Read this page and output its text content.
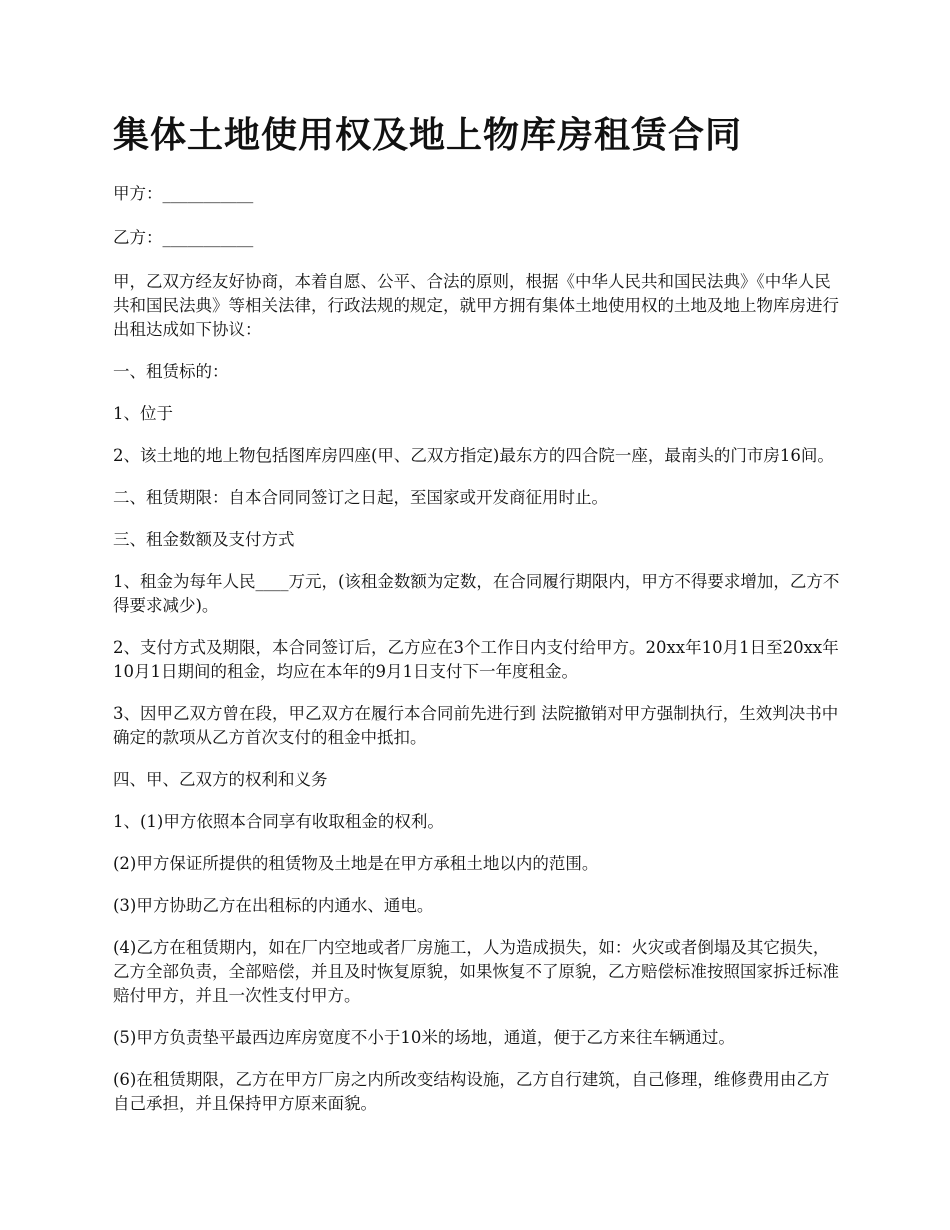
集体土地使用权及地上物库房租赁合同

甲方：___________

乙方：___________

甲，乙双方经友好协商，本着自愿、公平、合法的原则，根据《中华人民共和国民法典》《中华人民共和国民法典》等相关法律，行政法规的规定，就甲方拥有集体土地使用权的土地及地上物库房进行出租达成如下协议：

一、租赁标的：

1、位于

2、该土地的地上物包括图库房四座(甲、乙双方指定)最东方的四合院一座，最南头的门市房16间。

二、租赁期限：自本合同同签订之日起，至国家或开发商征用时止。

三、租金数额及支付方式

1、租金为每年人民____万元，(该租金数额为定数，在合同履行期限内，甲方不得要求增加，乙方不得要求减少)。

2、支付方式及期限，本合同签订后，乙方应在3个工作日内支付给甲方。20xx年10月1日至20xx年10月1日期间的租金，均应在本年的9月1日支付下一年度租金。

3、因甲乙双方曾在段，甲乙双方在履行本合同前先进行到 法院撤销对甲方强制执行，生效判决书中确定的款项从乙方首次支付的租金中抵扣。

四、甲、乙双方的权利和义务

1、(1)甲方依照本合同享有收取租金的权利。

(2)甲方保证所提供的租赁物及土地是在甲方承租土地以内的范围。

(3)甲方协助乙方在出租标的内通水、通电。

(4)乙方在租赁期内，如在厂内空地或者厂房施工，人为造成损失，如：火灾或者倒塌及其它损失，乙方全部负责，全部赔偿，并且及时恢复原貌，如果恢复不了原貌，乙方赔偿标准按照国家拆迁标准赔付甲方，并且一次性支付甲方。

(5)甲方负责垫平最西边库房宽度不小于10米的场地，通道，便于乙方来往车辆通过。

(6)在租赁期限，乙方在甲方厂房之内所改变结构设施，乙方自行建筑，自己修理，维修费用由乙方自己承担，并且保持甲方原来面貌。
